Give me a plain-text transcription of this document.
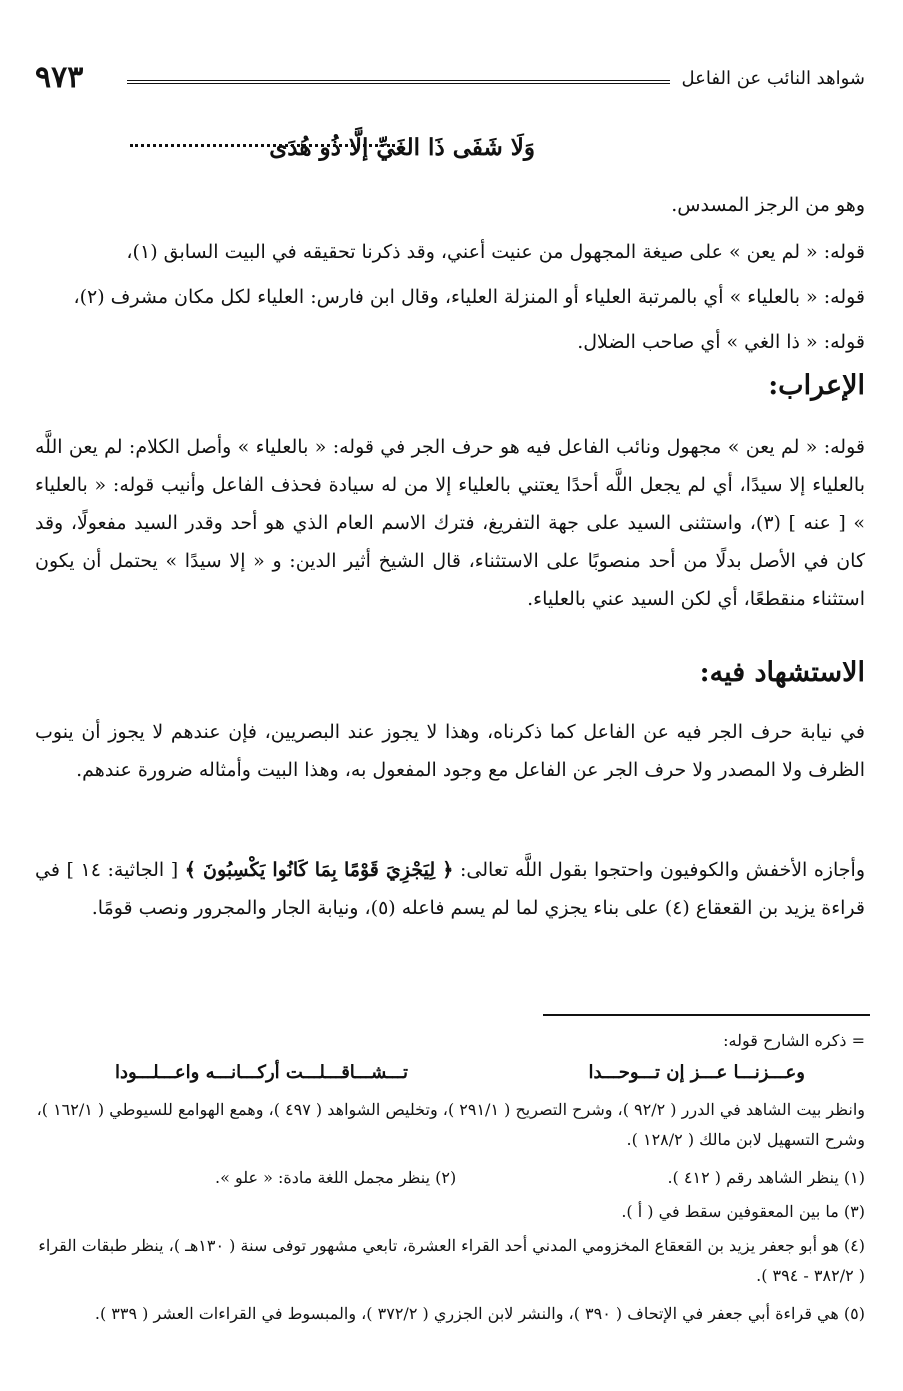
شواهد النائب عن الفاعل
٩٧٣
وَلَا شَفَى ذَا الغَيِّ إلَّا ذُو هُدَى
وهو من الرجز المسدس.
قوله: « لم يعن » على صيغة المجهول من عنيت أعني، وقد ذكرنا تحقيقه في البيت السابق (١)،
قوله: « بالعلياء » أي بالمرتبة العلياء أو المنزلة العلياء، وقال ابن فارس: العلياء لكل مكان مشرف (٢)،
قوله: « ذا الغي » أي صاحب الضلال.
الإعراب:
قوله: « لم يعن » مجهول ونائب الفاعل فيه هو حرف الجر في قوله: « بالعلياء » وأصل الكلام: لم يعن اللَّه بالعلياء إلا سيدًا، أي لم يجعل اللَّه أحدًا يعتني بالعلياء إلا من له سيادة فحذف الفاعل وأنيب قوله: « بالعلياء » [ عنه ] (٣)، واستثنى السيد على جهة التفريغ، فترك الاسم العام الذي هو أحد وقدر السيد مفعولًا، وقد كان في الأصل بدلًا من أحد منصوبًا على الاستثناء، قال الشيخ أثير الدين: و « إلا سيدًا » يحتمل أن يكون استثناء منقطعًا، أي لكن السيد عني بالعلياء.
الاستشهاد فيه:
في نيابة حرف الجر فيه عن الفاعل كما ذكرناه، وهذا لا يجوز عند البصريين، فإن عندهم لا يجوز أن ينوب الظرف ولا المصدر ولا حرف الجر عن الفاعل مع وجود المفعول به، وهذا البيت وأمثاله ضرورة عندهم.
وأجازه الأخفش والكوفيون واحتجوا بقول اللَّه تعالى: ﴿ لِيَجْزِيَ قَوْمًا بِمَا كَانُوا يَكْسِبُونَ ﴾ [ الجاثية: ١٤ ] في قراءة يزيد بن القعقاع (٤) على بناء يجزي لما لم يسم فاعله (٥)، ونيابة الجار والمجرور ونصب قومًا.
= ذكره الشارح قوله:
وعـــزنـــا عـــز إن تـــوحـــدا
تـــشـــاقـــلـــت أركـــانـــه واعـــلـــودا
وانظر بيت الشاهد في الدرر ( ٩٢/٢ )، وشرح التصريح ( ٢٩١/١ )، وتخليص الشواهد ( ٤٩٧ )، وهمع الهوامع للسيوطي ( ١٦٢/١ )، وشرح التسهيل لابن مالك ( ١٢٨/٢ ).
(١) ينظر الشاهد رقم ( ٤١٢ ).
(٢) ينظر مجمل اللغة مادة: « علو ».
(٣) ما بين المعقوفين سقط في ( أ ).
(٤) هو أبو جعفر يزيد بن القعقاع المخزومي المدني أحد القراء العشرة، تابعي مشهور توفى سنة ( ١٣٠هـ )، ينظر طبقات القراء ( ٣٨٢/٢ - ٣٩٤ ).
(٥) هي قراءة أبي جعفر في الإتحاف ( ٣٩٠ )، والنشر لابن الجزري ( ٣٧٢/٢ )، والمبسوط في القراءات العشر ( ٣٣٩ ).
